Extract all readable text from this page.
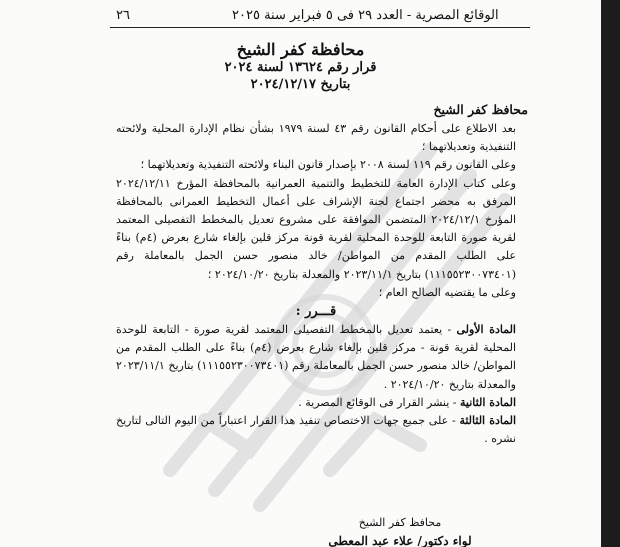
الوقائع المصرية - العدد ٢٩ فى ٥ فبراير سنة ٢٠٢٥
٢٦
محافظة كفر الشيخ
قرار رقم ١٣٦٢٤ لسنة ٢٠٢٤
بتاريخ ٢٠٢٤/١٢/١٧

محافظ كفر الشيخ

بعد الاطلاع على أحكام القانون رقم ٤٣ لسنة ١٩٧٩ بشأن نظام الإدارة المحلية ولائحته التنفيذية وتعديلاتهما ؛

وعلى القانون رقم ١١٩ لسنة ٢٠٠٨ بإصدار قانون البناء ولائحته التنفيذية وتعديلاتهما ؛

وعلى كتاب الإدارة العامة للتخطيط والتنمية العمرانية بالمحافظة المؤرخ ٢٠٢٤/١٢/١١ المرفق به محضر اجتماع لجنة الإشراف على أعمال التخطيط العمرانى بالمحافظة المؤرخ ٢٠٢٤/١٢/١ المتضمن الموافقة على مشروع تعديل بالمخطط التفصيلى المعتمد لقرية صورة التابعة للوحدة المحلية لقرية قونة مركز قلين بإلغاء شارع بعرض (٤م) بناءً على الطلب المقدم من المواطن/ خالد منصور حسن الجمل بالمعاملة رقم (١١١٥٥٢٣٠٠٧٣٤٠١) بتاريخ ٢٠٢٣/١١/١ والمعدلة بتاريخ ٢٠٢٤/١٠/٢٠ ؛

وعلى ما يقتضيه الصالح العام ؛

قـــرر :

المادة الأولى - يعتمد تعديل بالمخطط التفصيلى المعتمد لقرية صورة - التابعة للوحدة المحلية لقرية قونة - مركز قلين بإلغاء شارع بعرض (٤م) بناءً على الطلب المقدم من المواطن/ خالد منصور حسن الجمل بالمعاملة رقم (١١١٥٥٢٣٠٠٧٣٤٠١) بتاريخ ٢٠٢٣/١١/١ والمعدلة بتاريخ ٢٠٢٤/١٠/٢٠ .

المادة الثانية - ينشر القرار فى الوقائع المصرية .

المادة الثالثة - على جميع جهات الاختصاص تنفيذ هذا القرار اعتباراً من اليوم التالى لتاريخ نشره .

محافظ كفر الشيخ
لواء دكتور/ علاء عبد المعطى
